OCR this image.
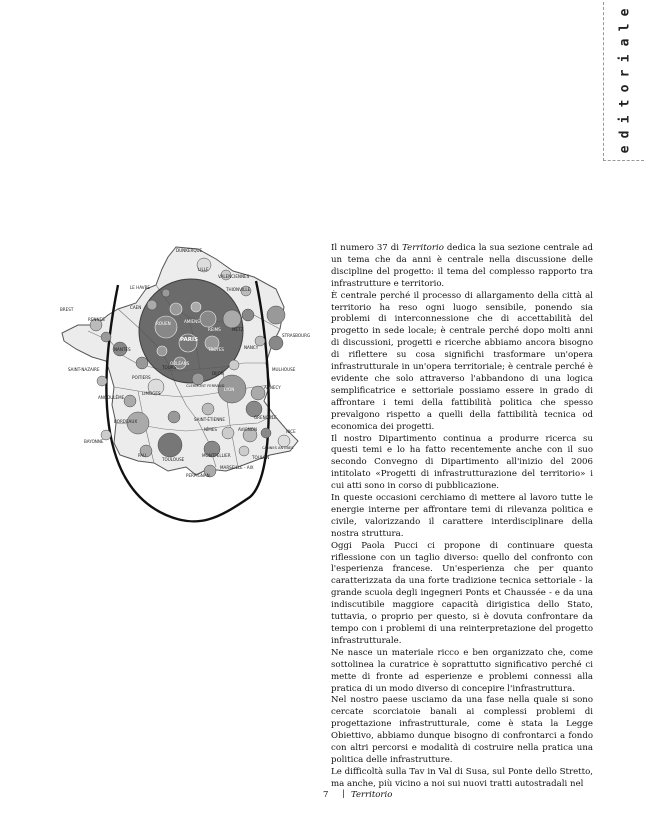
e
d
i
t
o
r
i
a
l
e
DUNKERQUE
LILLE
VALENCIENNES
LE HAVRE	THIONVILLE
BREST
ROUEN
CAEN
AMIENS
METZ
REIMS
PARIS
RENNES
STRASBOURG
NANCY
TROYES
NANTES
ORLÉANS
MULHOUSE
SAINT-NAZAIRE	TOURS
DIJON
POITIERS
ANNECY
CLERMONT FERRAND
LIMOGES
ANGOULÊME
LYON
GRENOBLE
SAINT-ÉTIENNE
BORDEAUX
NÎMES	AVIGNON	NICE
MONTPELLIER
BAYONNE
PAU
TOULOUSE
CANNES ANTIBES
MARSEILLE - AIX
TOULON
PERPIGNAN

Il numero 37 di Territorio dedica la sua sezione centrale ad un tema che da anni è centrale nella discussione delle discipline del progetto: il tema del complesso rapporto tra infrastrutture e territorio.

È centrale perché il processo di allargamento della città al territorio ha reso ogni luogo sensibile, ponendo sia problemi di interconnessione che di accettabilità del progetto in sede locale; è centrale perché dopo molti anni di discussioni, progetti e ricerche abbiamo ancora bisogno di riflettere su cosa significhi trasformare un'opera infrastrutturale in un'opera territoriale; è centrale perché è evidente che solo attraverso l'abbandono di una logica semplificatrice e settoriale possiamo essere in grado di affrontare i temi della fattibilità politica che spesso prevalgono rispetto a quelli della fattibilità tecnica od economica dei progetti.

Il nostro Dipartimento continua a produrre ricerca su questi temi e lo ha fatto recentemente anche con il suo secondo Convegno di Dipartimento all'inizio del 2006 intitolato «Progetti di infrastrutturazione del territorio» i cui atti sono in corso di pubblicazione.

In queste occasioni cerchiamo di mettere al lavoro tutte le energie interne per affrontare temi di rilevanza politica e civile, valorizzando il carattere interdisciplinare della nostra struttura.

Oggi Paola Pucci ci propone di continuare questa riflessione con un taglio diverso: quello del confronto con l'esperienza francese. Un'esperienza che per quanto caratterizzata da una forte tradizione tecnica settoriale - la grande scuola degli ingegneri Ponts et Chaussée - e da una indiscutibile maggiore capacità dirigistica dello Stato, tuttavia, o proprio per questo, si è dovuta confrontare da tempo con i problemi di una reinterpretazione del progetto infrastrutturale.

Ne nasce un materiale ricco e ben organizzato che, come sottolinea la curatrice è soprattutto significativo perché ci mette di fronte ad esperienze e problemi connessi alla pratica di un modo diverso di concepire l'infrastruttura.

Nel nostro paese usciamo da una fase nella quale si sono cercate scorciatoie banali ai complessi problemi di progettazione infrastrutturale, come è stata la Legge Obiettivo, abbiamo dunque bisogno di confrontarci a fondo con altri percorsi e modalità di costruire nella pratica una politica delle infrastrutture.

Le difficoltà sulla Tav in Val di Susa, sul Ponte dello Stretto, ma anche, più vicino a noi sui nuovi tratti autostradali nel

7 | Territorio
